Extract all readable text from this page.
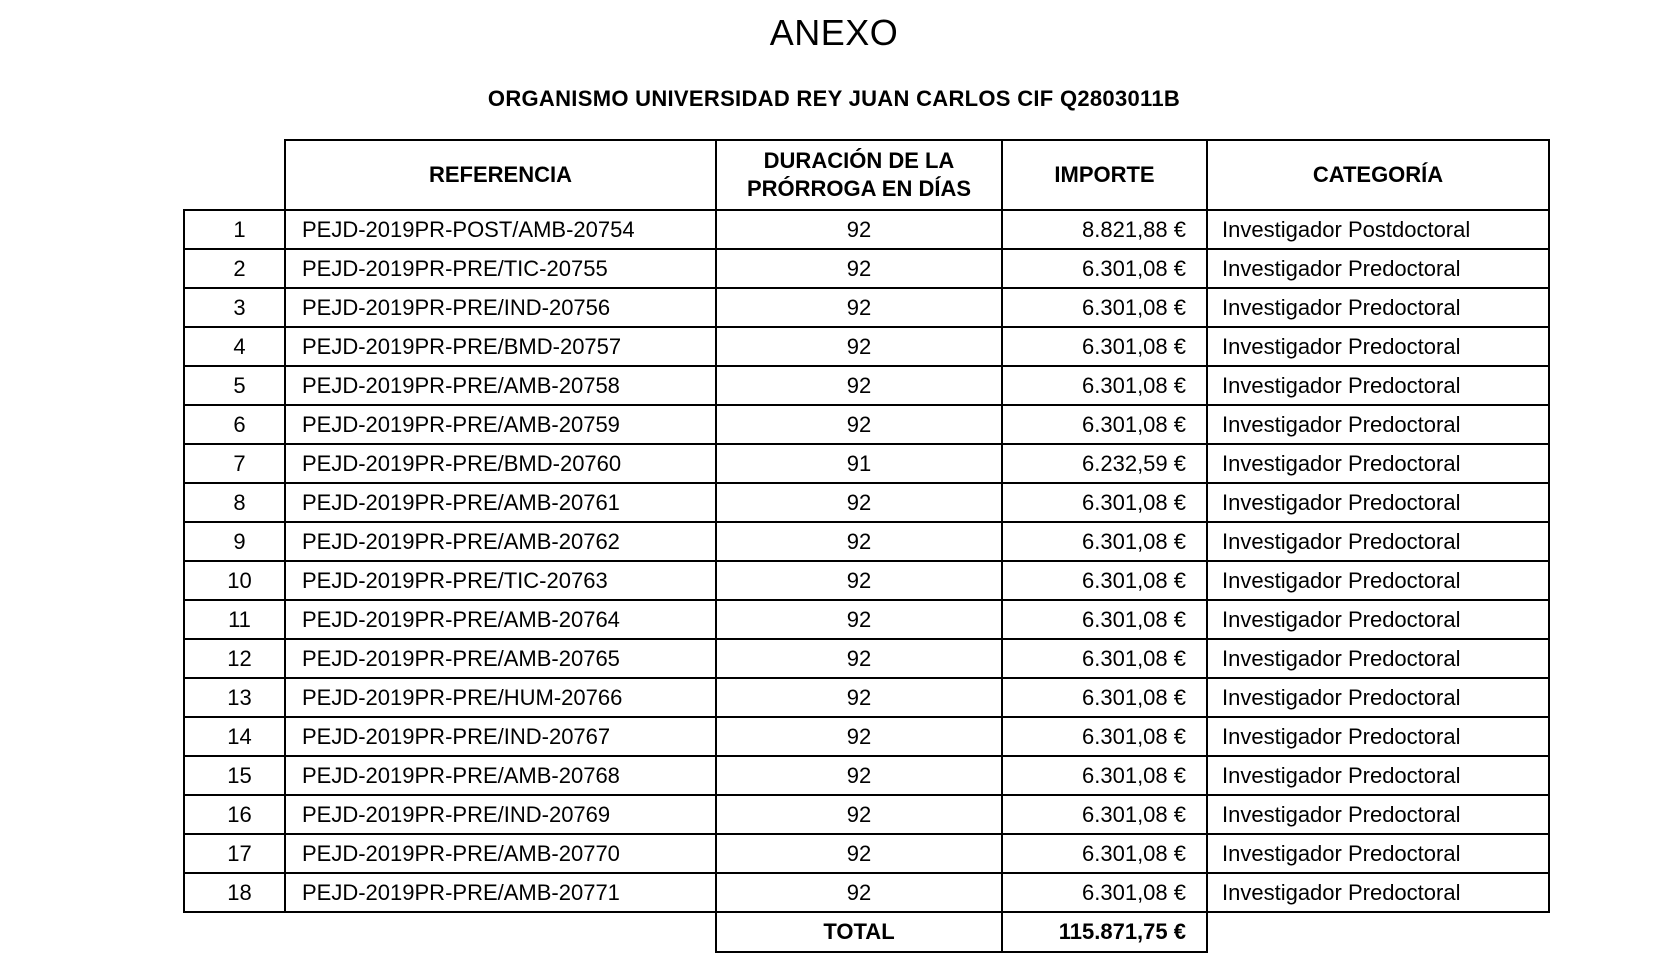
ANEXO
ORGANISMO UNIVERSIDAD REY JUAN CARLOS CIF Q2803011B
	REFERENCIA	DURACIÓN DE LA PRÓRROGA EN DÍAS	IMPORTE	CATEGORÍA
1	PEJD-2019PR-POST/AMB-20754	92	8.821,88 €	Investigador Postdoctoral
2	PEJD-2019PR-PRE/TIC-20755	92	6.301,08 €	Investigador Predoctoral
3	PEJD-2019PR-PRE/IND-20756	92	6.301,08 €	Investigador Predoctoral
4	PEJD-2019PR-PRE/BMD-20757	92	6.301,08 €	Investigador Predoctoral
5	PEJD-2019PR-PRE/AMB-20758	92	6.301,08 €	Investigador Predoctoral
6	PEJD-2019PR-PRE/AMB-20759	92	6.301,08 €	Investigador Predoctoral
7	PEJD-2019PR-PRE/BMD-20760	91	6.232,59 €	Investigador Predoctoral
8	PEJD-2019PR-PRE/AMB-20761	92	6.301,08 €	Investigador Predoctoral
9	PEJD-2019PR-PRE/AMB-20762	92	6.301,08 €	Investigador Predoctoral
10	PEJD-2019PR-PRE/TIC-20763	92	6.301,08 €	Investigador Predoctoral
11	PEJD-2019PR-PRE/AMB-20764	92	6.301,08 €	Investigador Predoctoral
12	PEJD-2019PR-PRE/AMB-20765	92	6.301,08 €	Investigador Predoctoral
13	PEJD-2019PR-PRE/HUM-20766	92	6.301,08 €	Investigador Predoctoral
14	PEJD-2019PR-PRE/IND-20767	92	6.301,08 €	Investigador Predoctoral
15	PEJD-2019PR-PRE/AMB-20768	92	6.301,08 €	Investigador Predoctoral
16	PEJD-2019PR-PRE/IND-20769	92	6.301,08 €	Investigador Predoctoral
17	PEJD-2019PR-PRE/AMB-20770	92	6.301,08 €	Investigador Predoctoral
18	PEJD-2019PR-PRE/AMB-20771	92	6.301,08 €	Investigador Predoctoral
		TOTAL	115.871,75 €	
